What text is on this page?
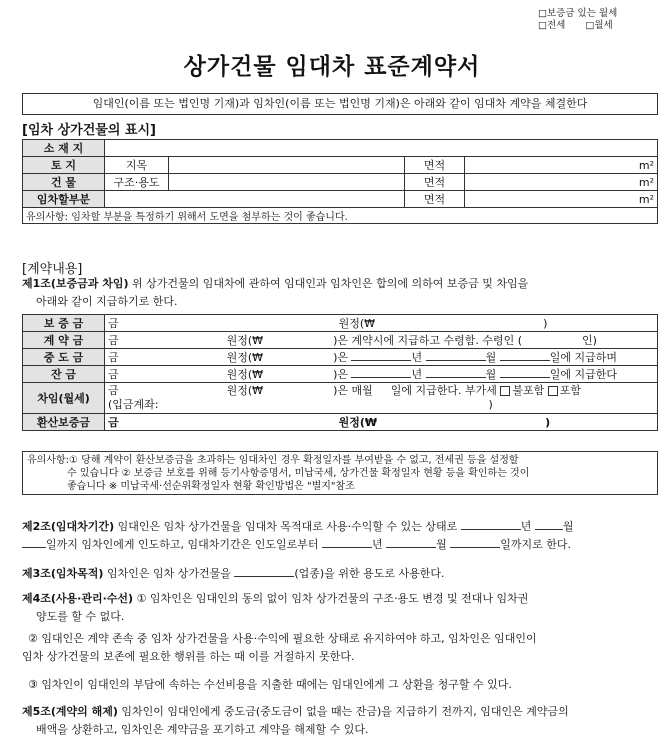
□보증금 있는 월세
□전세 □월세
상가건물 임대차 표준계약서
임대인(이름 또는 법인명 기재)과 임차인(이름 또는 법인명 기재)은 아래와 같이 임대차 계약을 체결한다
[임차 상가건물의 표시]
소 재 지				
토 지	지목		면적	m²
건 물	구조·용도		면적	m²
임차할부분			면적	m²
유의사항: 임차할 부분을 특정하기 위해서 도면을 첨부하는 것이 좋습니다.				
[계약내용]
제1조(보증금과 차임) 위 상가건물의 임대차에 관하여 임대인과 임차인은 합의에 의하여 보증금 및 차임을
아래와 같이 지급하기로 한다.
보 증 금	금 원정(₩ )
계 약 금	금 원정(₩ )은 계약시에 지급하고 수령함. 수령인 ( 인)
중 도 금	금 원정(₩ )은 년 월 일에 지급하며
잔 금	금 원정(₩ )은 년 월 일에 지급한다
차임(월세)	금 원정(₩ )은 매월 일에 지급한다. 부가세 불포함 포함
(입금계좌: )
환산보증금	금 원정(₩ )
유의사항:① 당해 계약이 환산보증금을 초과하는 임대차인 경우 확정일자를 부여받을 수 없고, 전세권 등을 설정할
수 있습니다 ② 보증금 보호를 위해 등기사항증명서, 미납국세, 상가건물 확정일자 현황 등을 확인하는 것이
좋습니다 ※ 미납국세·선순위확정일자 현황 확인방법은 "별지"참조
제2조(임대차기간) 임대인은 임차 상가건물을 임대차 목적대로 사용·수익할 수 있는 상태로	년	월
일까지 임차인에게 인도하고, 임대차기간은 인도일로부터	년	월	일까지로 한다.
제3조(임차목적) 임차인은 임차 상가건물을	(업종)을 위한 용도로 사용한다.
제4조(사용·관리·수선) ① 임차인은 임대인의 동의 없이 임차 상가건물의 구조·용도 변경 및 전대나 임차권
양도를 할 수 없다.
② 임대인은 계약 존속 중 임차 상가건물을 사용·수익에 필요한 상태로 유지하여야 하고, 임차인은 임대인이
임차 상가건물의 보존에 필요한 행위를 하는 때 이를 거절하지 못한다.
③ 임차인이 임대인의 부담에 속하는 수선비용을 지출한 때에는 임대인에게 그 상환을 청구할 수 있다.
제5조(계약의 해제) 임차인이 임대인에게 중도금(중도금이 없을 때는 잔금)을 지급하기 전까지, 임대인은 계약금의
배액을 상환하고, 임차인은 계약금을 포기하고 계약을 해제할 수 있다.
